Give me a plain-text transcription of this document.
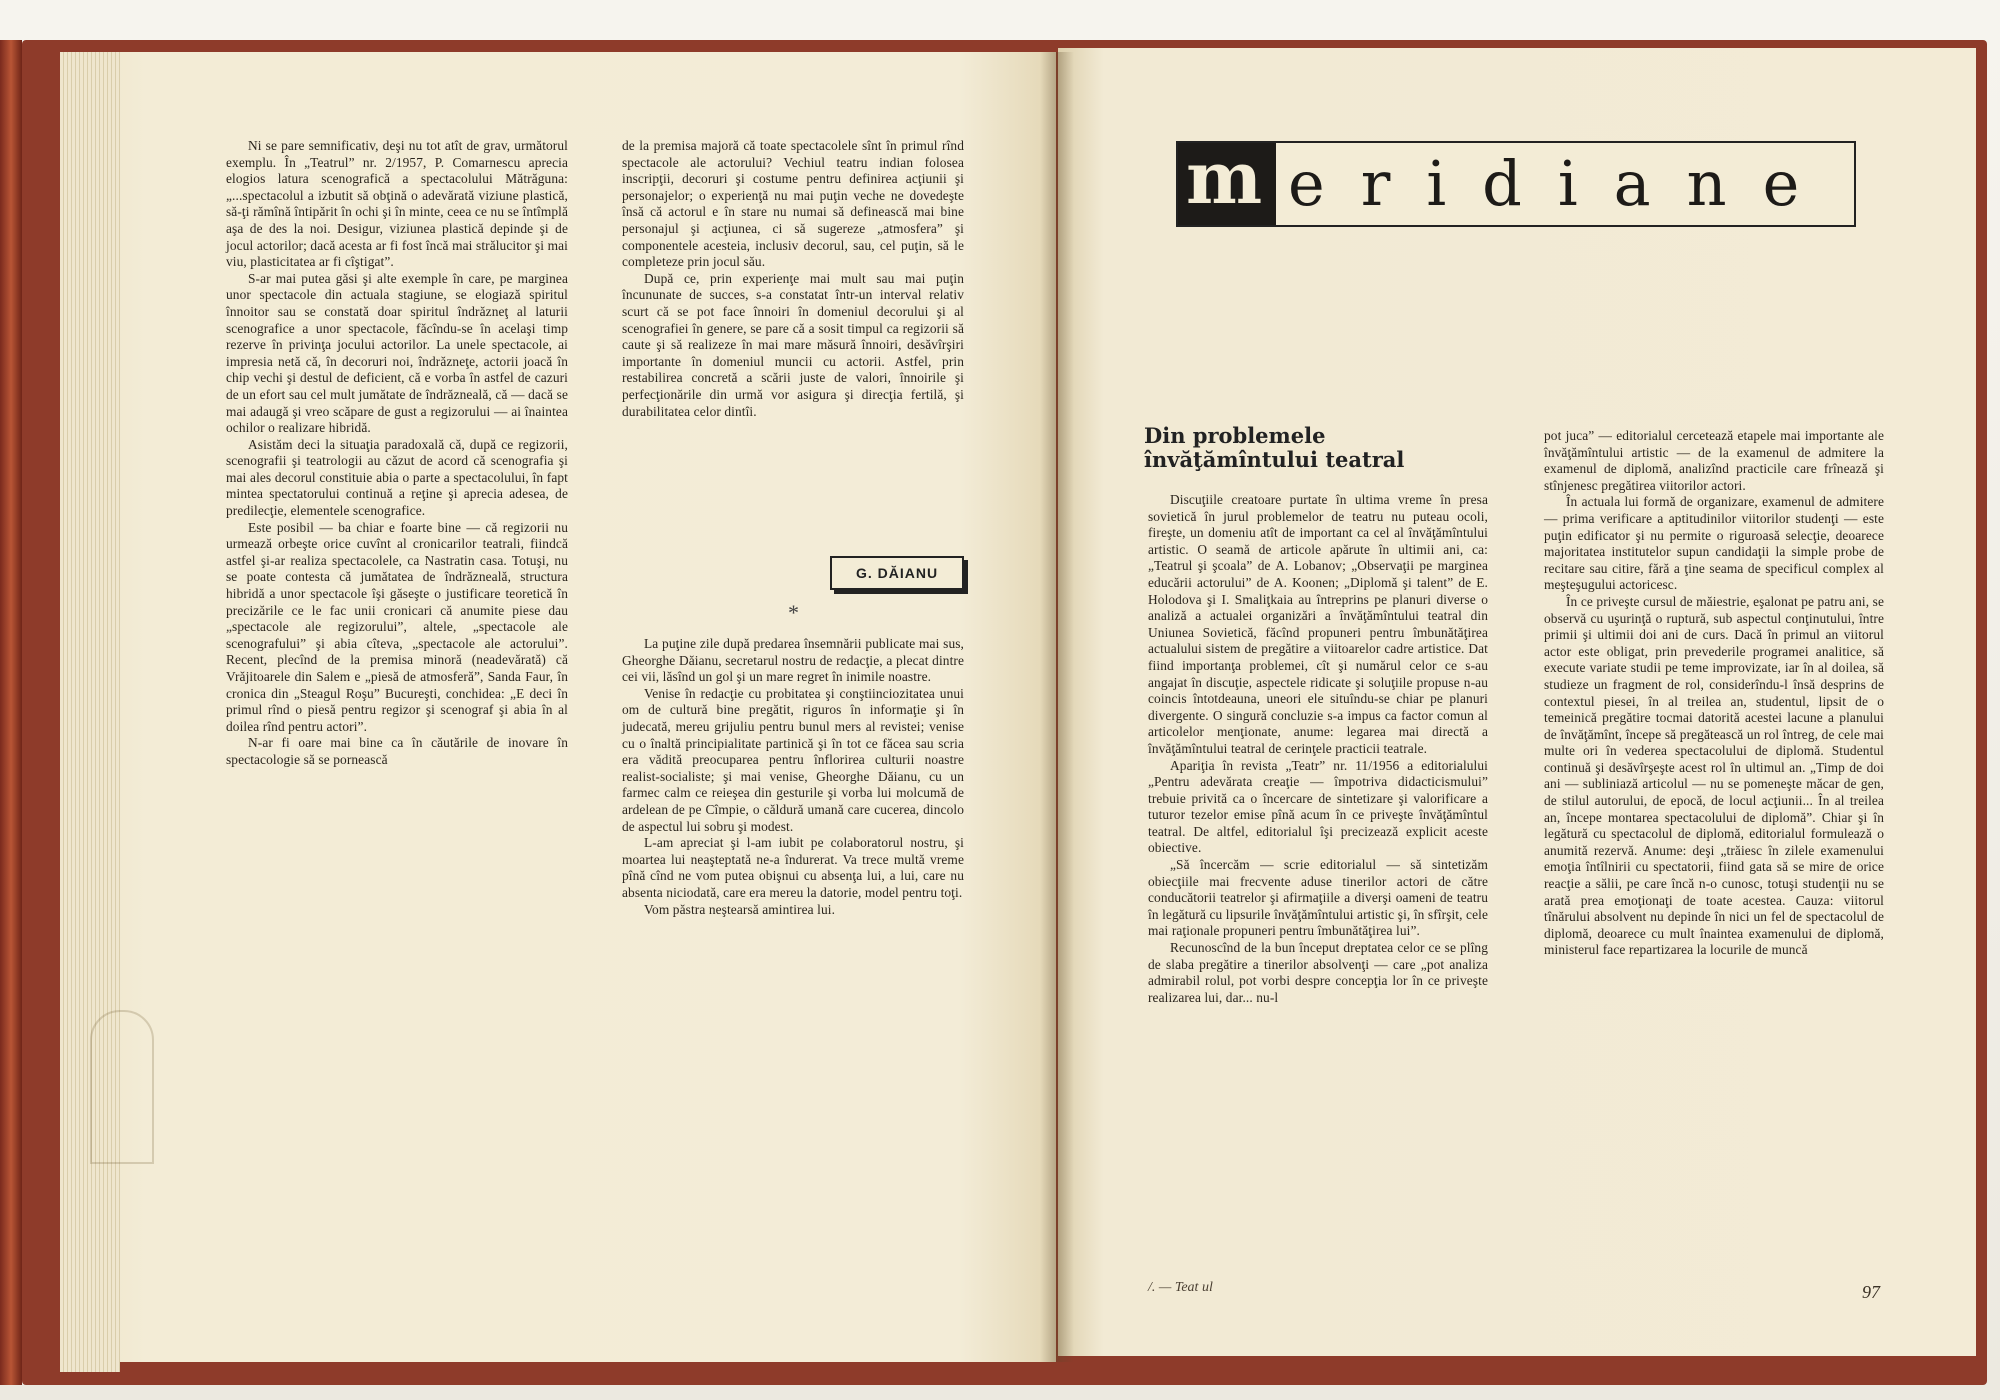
Ni se pare semnificativ, deşi nu tot atît de grav, următorul exemplu. În „Teatrul” nr. 2/1957, P. Comarnescu aprecia elogios latura scenografică a spectacolului Mătrăguna: „...spectacolul a izbutit să obţină o adevărată viziune plastică, să-ţi rămînă întipărit în ochi şi în minte, ceea ce nu se întîmplă aşa de des la noi. Desigur, viziunea plastică depinde şi de jocul actorilor; dacă acesta ar fi fost încă mai strălucitor şi mai viu, plasticitatea ar fi cîştigat”.

S-ar mai putea găsi şi alte exemple în care, pe marginea unor spectacole din actuala stagiune, se elogiază spiritul înnoitor sau se constată doar spiritul îndrăzneţ al laturii scenografice a unor spectacole, făcîndu-se în acelaşi timp rezerve în privinţa jocului actorilor. La unele spectacole, ai impresia netă că, în decoruri noi, îndrăzneţe, actorii joacă în chip vechi şi destul de deficient, că e vorba în astfel de cazuri de un efort sau cel mult jumătate de îndrăzneală, că — dacă se mai adaugă şi vreo scăpare de gust a regizorului — ai înaintea ochilor o realizare hibridă.

Asistăm deci la situaţia paradoxală că, după ce regizorii, scenografii şi teatrologii au căzut de acord că scenografia şi mai ales decorul constituie abia o parte a spectacolului, în fapt mintea spectatorului continuă a reţine şi aprecia adesea, de predilecţie, elementele scenografice.

Este posibil — ba chiar e foarte bine — că regizorii nu urmează orbeşte orice cuvînt al cronicarilor teatrali, fiindcă astfel şi-ar realiza spectacolele, ca Nastratin casa. Totuşi, nu se poate contesta că jumătatea de îndrăzneală, structura hibridă a unor spectacole îşi găseşte o justificare teoretică în precizările ce le fac unii cronicari că anumite piese dau „spectacole ale regizorului”, altele, „spectacole ale scenografului” şi abia cîteva, „spectacole ale actorului”. Recent, plecînd de la premisa minoră (neadevărată) că Vrăjitoarele din Salem e „piesă de atmosferă”, Sanda Faur, în cronica din „Steagul Roşu” Bucureşti, conchidea: „E deci în primul rînd o piesă pentru regizor şi scenograf şi abia în al doilea rînd pentru actori”.

N-ar fi oare mai bine ca în căutările de inovare în spectacologie să se pornească

de la premisa majoră că toate spectacolele sînt în primul rînd spectacole ale actorului? Vechiul teatru indian folosea inscripţii, decoruri şi costume pentru definirea acţiunii şi personajelor; o experienţă nu mai puţin veche ne dovedeşte însă că actorul e în stare nu numai să definească mai bine personajul şi acţiunea, ci să sugereze „atmosfera” şi componentele acesteia, inclusiv decorul, sau, cel puţin, să le completeze prin jocul său.

După ce, prin experienţe mai mult sau mai puţin încununate de succes, s-a constatat într-un interval relativ scurt că se pot face înnoiri în domeniul decorului şi al scenografiei în genere, se pare că a sosit timpul ca regizorii să caute şi să realizeze în mai mare măsură înnoiri, desăvîrşiri importante în domeniul muncii cu actorii. Astfel, prin restabilirea concretă a scării juste de valori, înnoirile şi perfecţionările din urmă vor asigura şi direcţia fertilă, şi durabilitatea celor dintîi.

G. DĂIANU
*

La puţine zile după predarea însemnării publicate mai sus, Gheorghe Dăianu, secretarul nostru de redacţie, a plecat dintre cei vii, lăsînd un gol şi un mare regret în inimile noastre.

Venise în redacţie cu probitatea şi conştiinciozitatea unui om de cultură bine pregătit, riguros în informaţie şi în judecată, mereu grijuliu pentru bunul mers al revistei; venise cu o înaltă principialitate partinică şi în tot ce făcea sau scria era vădită preocuparea pentru înflorirea culturii noastre realist-socialiste; şi mai venise, Gheorghe Dăianu, cu un farmec calm ce reieşea din gesturile şi vorba lui molcumă de ardelean de pe Cîmpie, o căldură umană care cucerea, dincolo de aspectul lui sobru şi modest.

L-am apreciat şi l-am iubit pe colaboratorul nostru, şi moartea lui neaşteptată ne-a îndurerat. Va trece multă vreme pînă cînd ne vom putea obişnui cu absenţa lui, a lui, care nu absenta niciodată, care era mereu la datorie, model pentru toţi.

Vom păstra neştearsă amintirea lui.

m eridiane
Din problemele
învăţămîntului teatral

Discuţiile creatoare purtate în ultima vreme în presa sovietică în jurul problemelor de teatru nu puteau ocoli, fireşte, un domeniu atît de important ca cel al învăţămîntului artistic. O seamă de articole apărute în ultimii ani, ca: „Teatrul şi şcoala” de A. Lobanov; „Observaţii pe marginea educării actorului” de A. Koonen; „Diplomă şi talent” de E. Holodova şi I. Smaliţkaia au întreprins pe planuri diverse o analiză a actualei organizări a învăţămîntului teatral din Uniunea Sovietică, făcînd propuneri pentru îmbunătăţirea actualului sistem de pregătire a viitoarelor cadre artistice. Dat fiind importanţa problemei, cît şi numărul celor ce s-au angajat în discuţie, aspectele ridicate şi soluţiile propuse n-au coincis întotdeauna, uneori ele situîndu-se chiar pe planuri divergente. O singură concluzie s-a impus ca factor comun al articolelor menţionate, anume: legarea mai directă a învăţămîntului teatral de cerinţele practicii teatrale.

Apariţia în revista „Teatr” nr. 11/1956 a editorialului „Pentru adevărata creaţie — împotriva didacticismului” trebuie privită ca o încercare de sintetizare şi valorificare a tuturor tezelor emise pînă acum în ce priveşte învăţămîntul teatral. De altfel, editorialul îşi precizează explicit aceste obiective.

„Să încercăm — scrie editorialul — să sintetizăm obiecţiile mai frecvente aduse tinerilor actori de către conducătorii teatrelor şi afirmaţiile a diverşi oameni de teatru în legătură cu lipsurile învăţămîntului artistic şi, în sfîrşit, cele mai raţionale propuneri pentru îmbunătăţirea lui”.

Recunoscînd de la bun început dreptatea celor ce se plîng de slaba pregătire a tinerilor absolvenţi — care „pot analiza admirabil rolul, pot vorbi despre concepţia lor în ce priveşte realizarea lui, dar... nu-l

pot juca” — editorialul cercetează etapele mai importante ale învăţămîntului artistic — de la examenul de admitere la examenul de diplomă, analizînd practicile care frînează şi stînjenesc pregătirea viitorilor actori.

În actuala lui formă de organizare, examenul de admitere — prima verificare a aptitudinilor viitorilor studenţi — este puţin edificator şi nu permite o riguroasă selecţie, deoarece majoritatea institutelor supun candidaţii la simple probe de recitare sau citire, fără a ţine seama de specificul complex al meşteşugului actoricesc.

În ce priveşte cursul de măiestrie, eşalonat pe patru ani, se observă cu uşurinţă o ruptură, sub aspectul conţinutului, între primii şi ultimii doi ani de curs. Dacă în primul an viitorul actor este obligat, prin prevederile programei analitice, să execute variate studii pe teme improvizate, iar în al doilea, să studieze un fragment de rol, considerîndu-l însă desprins de contextul piesei, în al treilea an, studentul, lipsit de o temeinică pregătire tocmai datorită acestei lacune a planului de învăţămînt, începe să pregătească un rol întreg, de cele mai multe ori în vederea spectacolului de diplomă. Studentul continuă şi desăvîrşeşte acest rol în ultimul an. „Timp de doi ani — subliniază articolul — nu se pomeneşte măcar de gen, de stilul autorului, de epocă, de locul acţiunii... În al treilea an, începe montarea spectacolului de diplomă”. Chiar şi în legătură cu spectacolul de diplomă, editorialul formulează o anumită rezervă. Anume: deşi „trăiesc în zilele examenului emoţia întîlnirii cu spectatorii, fiind gata să se mire de orice reacţie a sălii, pe care încă n-o cunosc, totuşi studenţii nu se arată prea emoţionaţi de toate acestea. Cauza: viitorul tînărului absolvent nu depinde în nici un fel de spectacolul de diplomă, deoarece cu mult înaintea examenului de diplomă, ministerul face repartizarea la locurile de muncă

/. — Teat ul	97
